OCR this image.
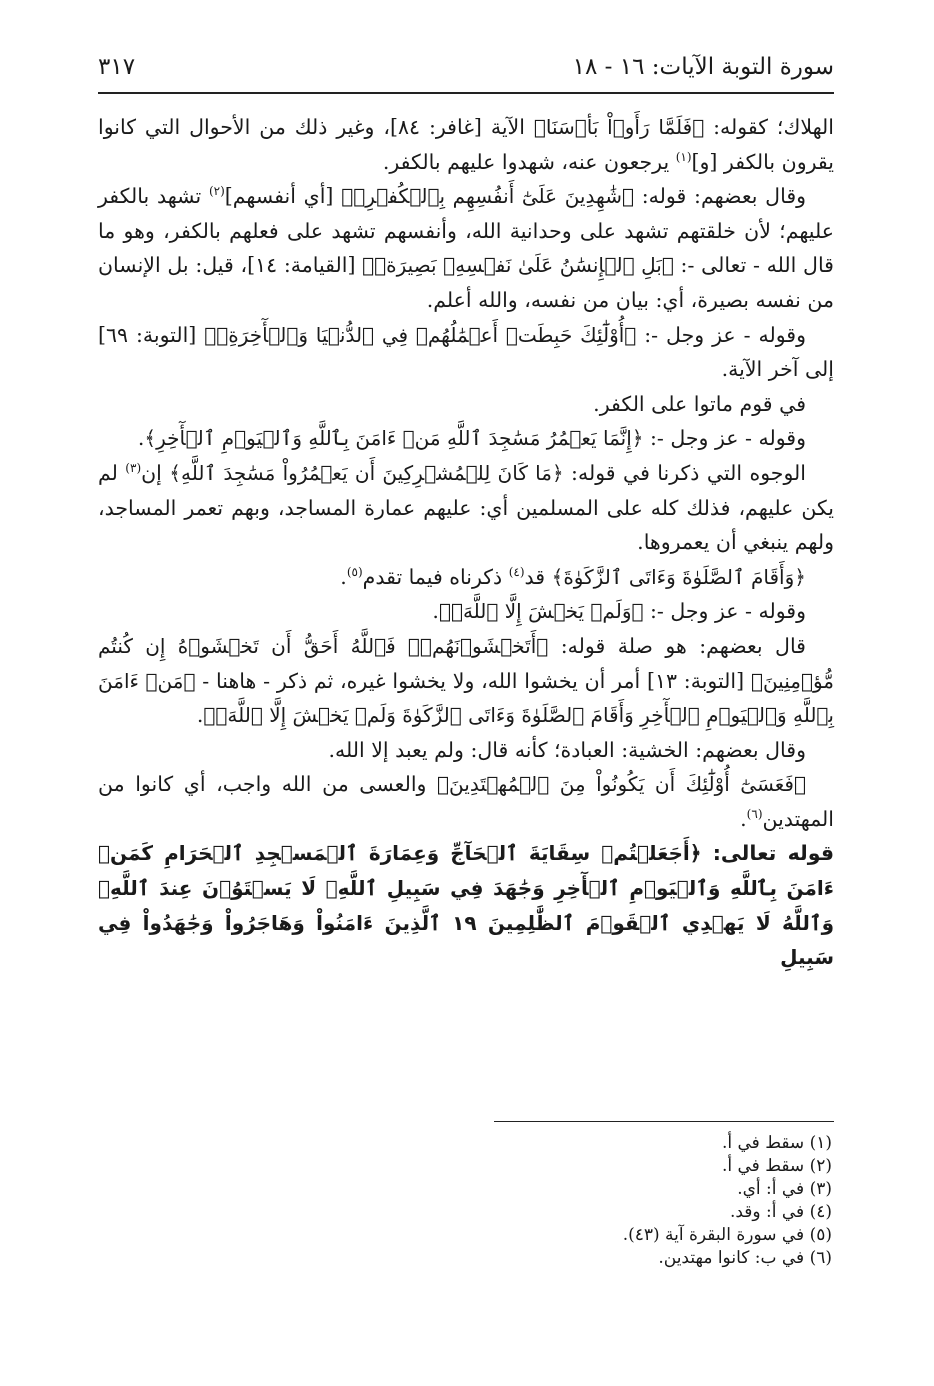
سورة التوبة الآيات: ١٦ - ١٨
٣١٧

الهلاك؛ كقوله: ﴿فَلَمَّا رَأَوۡاْ بَأۡسَنَا﴾ الآية [غافر: ٨٤]، وغير ذلك من الأحوال التي كانوا يقرون بالكفر [و]$^{(١)}$ يرجعون عنه، شهدوا عليهم بالكفر.

وقال بعضهم: قوله: ﴿شَٰهِدِينَ عَلَىٰٓ أَنفُسِهِم بِٱلۡكُفۡرِۚ﴾ [أي أنفسهم]$^{(٢)}$ تشهد بالكفر عليهم؛ لأن خلقتهم تشهد على وحدانية الله، وأنفسهم تشهد على فعلهم بالكفر، وهو ما قال الله - تعالى -: ﴿بَلِ ٱلۡإِنسَٰنُ عَلَىٰ نَفۡسِهِۦ بَصِيرَةٞ﴾ [القيامة: ١٤]، قيل: بل الإنسان من نفسه بصيرة، أي: بيان من نفسه، والله أعلم.

وقوله - عز وجل -: ﴿أُوْلَٰٓئِكَ حَبِطَتۡ أَعۡمَٰلُهُمۡ فِي ٱلدُّنۡيَا وَٱلۡأٓخِرَةِۖ﴾ [التوبة: ٦٩] إلى آخر الآية.

في قوم ماتوا على الكفر.

وقوله - عز وجل -: ﴿إِنَّمَا يَعۡمُرُ مَسَٰجِدَ ٱللَّهِ مَنۡ ءَامَنَ بِٱللَّهِ وَٱلۡيَوۡمِ ٱلۡأٓخِرِ﴾.

الوجوه التي ذكرنا في قوله: ﴿مَا كَانَ لِلۡمُشۡرِكِينَ أَن يَعۡمُرُواْ مَسَٰجِدَ ٱللَّهِ﴾ إن$^{(٣)}$ لم يكن عليهم، فذلك كله على المسلمين أي: عليهم عمارة المساجد، وبهم تعمر المساجد، ولهم ينبغي أن يعمروها.

﴿وَأَقَامَ ٱلصَّلَوٰةَ وَءَاتَى ٱلزَّكَوٰةَ﴾ قد$^{(٤)}$ ذكرناه فيما تقدم$^{(٥)}$.

وقوله - عز وجل -: ﴿وَلَمۡ يَخۡشَ إِلَّا ٱللَّهَۖ﴾.

قال بعضهم: هو صلة قوله: ﴿أَتَخۡشَوۡنَهُمۡۚ فَٱللَّهُ أَحَقُّ أَن تَخۡشَوۡهُ إِن كُنتُم مُّؤۡمِنِينَ﴾ [التوبة: ١٣] أمر أن يخشوا الله، ولا يخشوا غيره، ثم ذكر - هاهنا - ﴿مَنۡ ءَامَنَ بِٱللَّهِ وَٱلۡيَوۡمِ ٱلۡأٓخِرِ وَأَقَامَ ٱلصَّلَوٰةَ وَءَاتَى ٱلزَّكَوٰةَ وَلَمۡ يَخۡشَ إِلَّا ٱللَّهَۖ﴾.

وقال بعضهم: الخشية: العبادة؛ كأنه قال: ولم يعبد إلا الله.

﴿فَعَسَىٰٓ أُوْلَٰٓئِكَ أَن يَكُونُواْ مِنَ ٱلۡمُهۡتَدِينَ﴾ والعسى من الله واجب، أي كانوا من المهتدين$^{(٦)}$.

قوله تعالى: ﴿أَجَعَلۡتُمۡ سِقَايَةَ ٱلۡحَآجِّ وَعِمَارَةَ ٱلۡمَسۡجِدِ ٱلۡحَرَامِ كَمَنۡ ءَامَنَ بِٱللَّهِ وَٱلۡيَوۡمِ ٱلۡأٓخِرِ وَجَٰهَدَ فِي سَبِيلِ ٱللَّهِۚ لَا يَسۡتَوُۥنَ عِندَ ٱللَّهِۗ وَٱللَّهُ لَا يَهۡدِي ٱلۡقَوۡمَ ٱلظَّٰلِمِينَ ١٩ ٱلَّذِينَ ءَامَنُواْ وَهَاجَرُواْ وَجَٰهَدُواْ فِي سَبِيلِ

(١) سقط في أ.
(٢) سقط في أ.
(٣) في أ: أي.
(٤) في أ: وقد.
(٥) في سورة البقرة آية (٤٣).
(٦) في ب: كانوا مهتدين.
